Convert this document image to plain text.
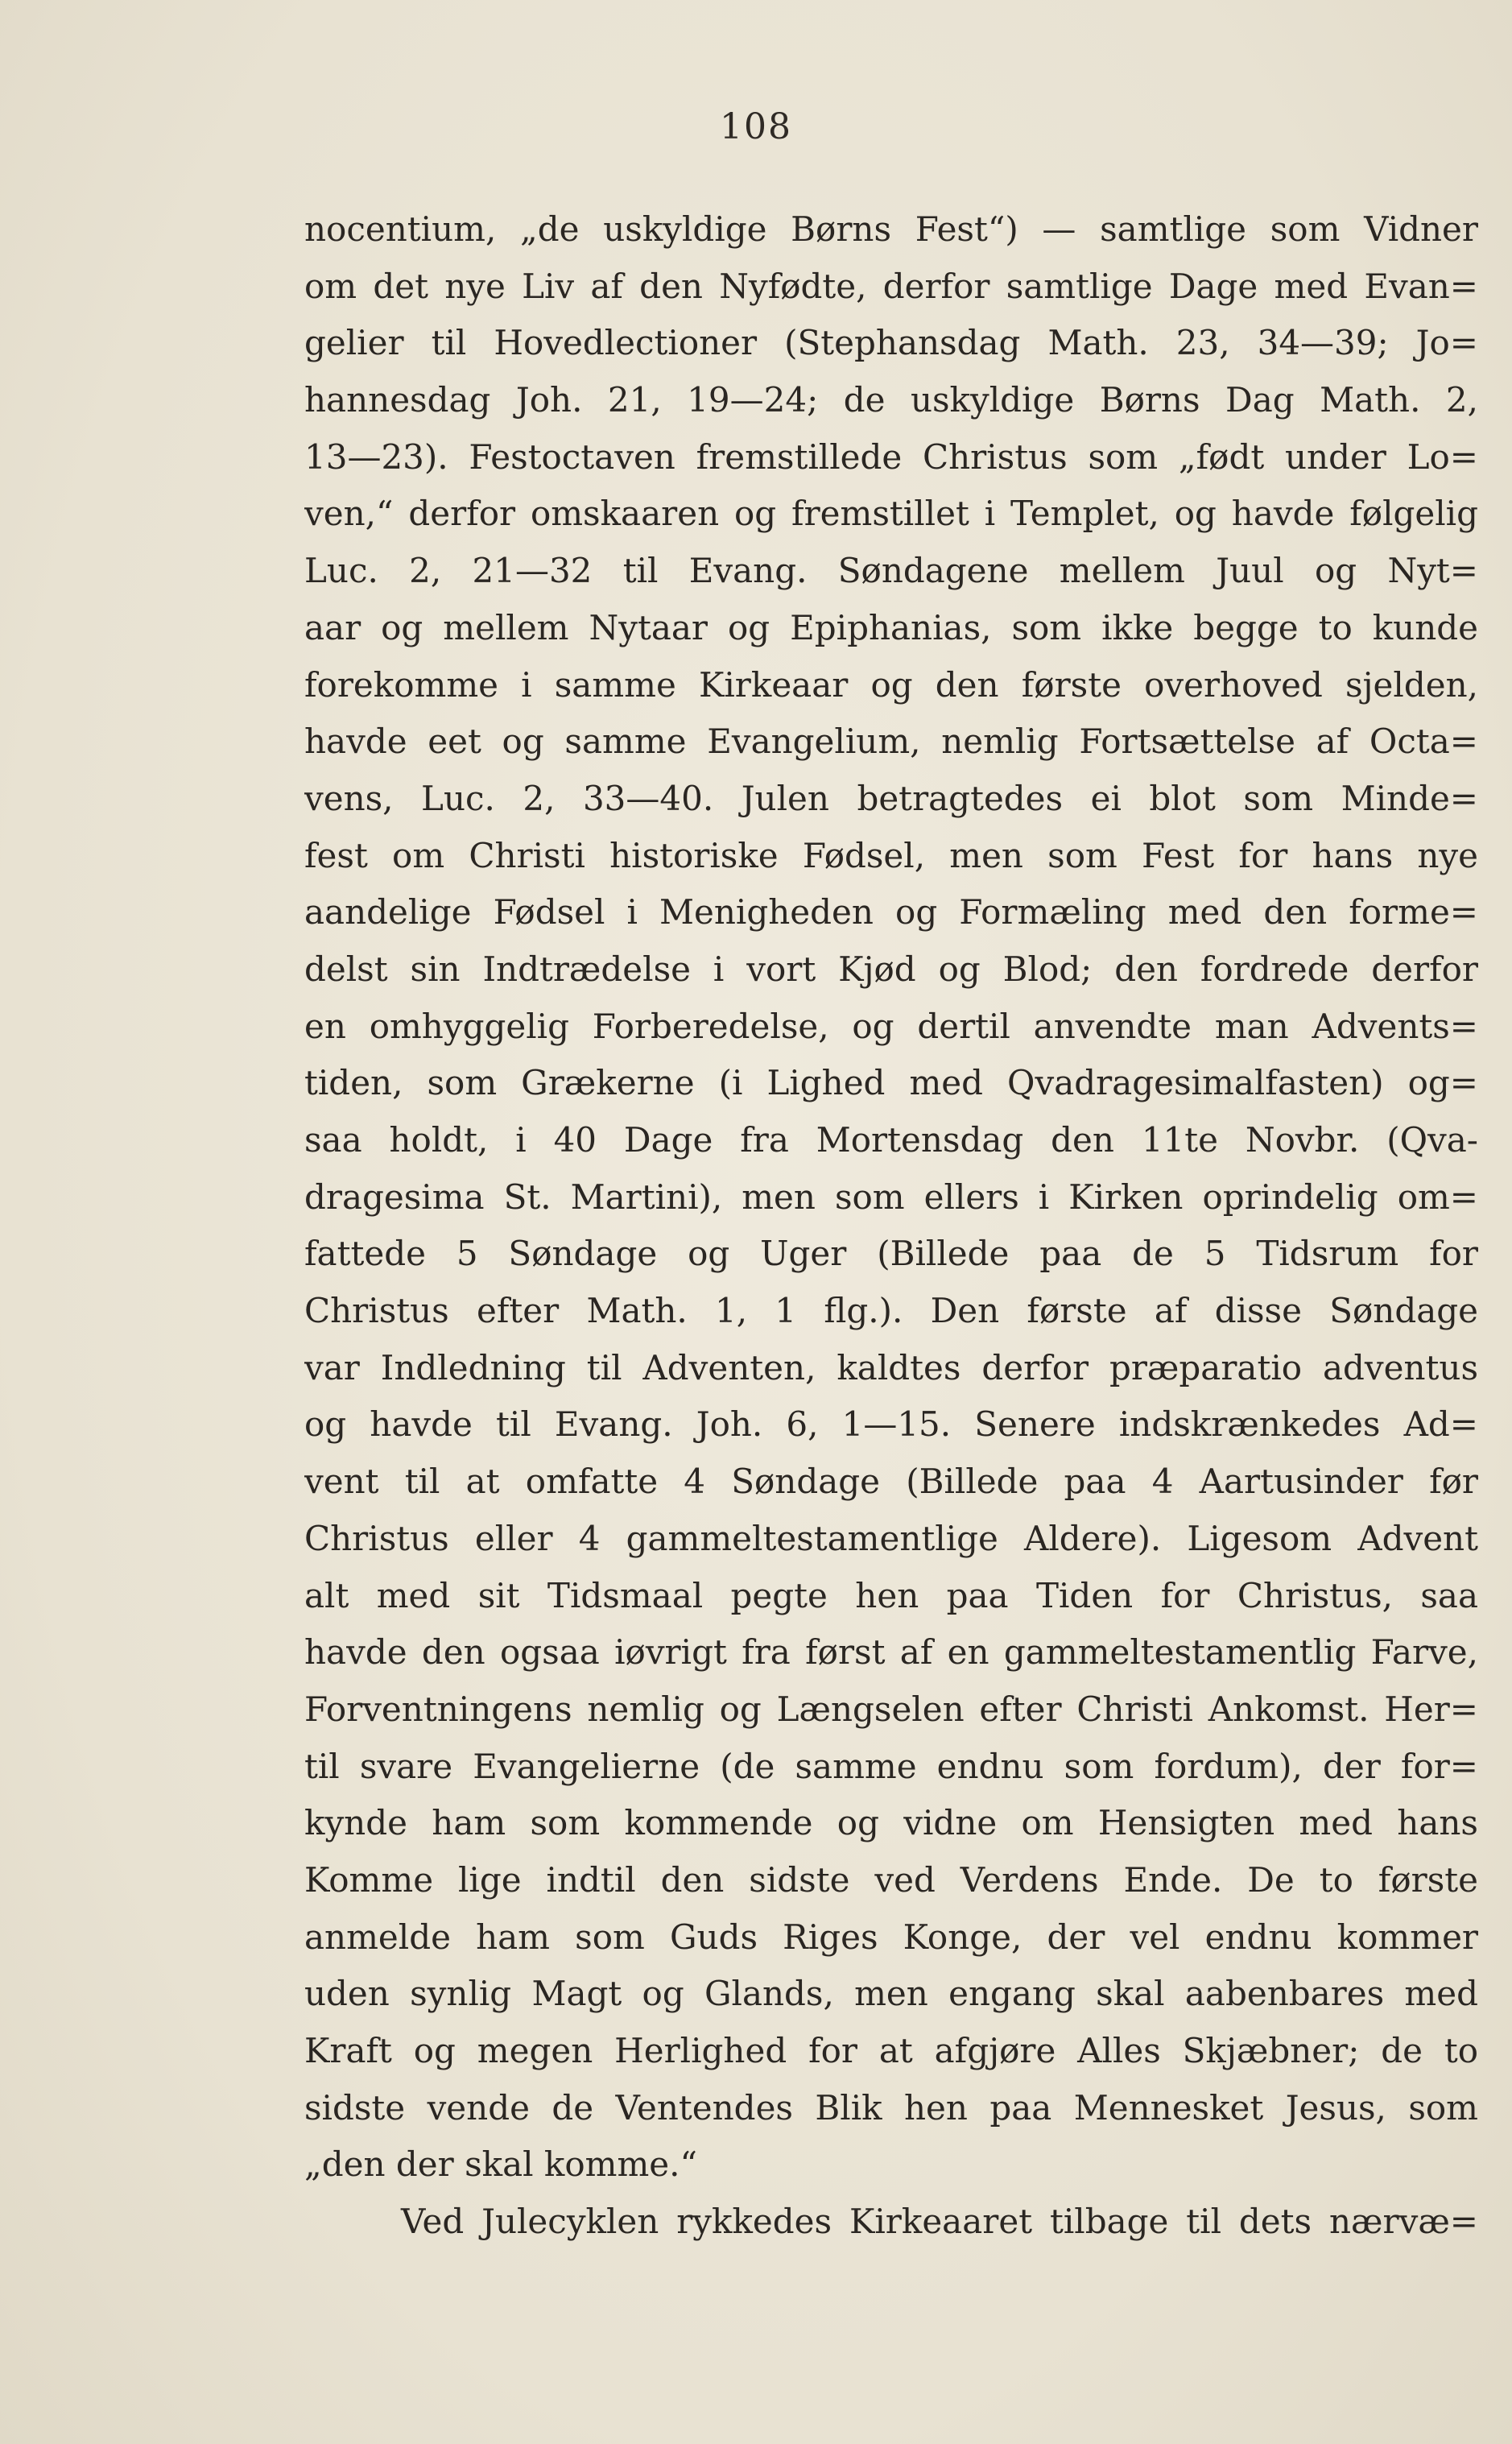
108
nocentium, „de uskyldige Børns Fest“) — samtlige som Vidner
om det nye Liv af den Nyfødte, derfor samtlige Dage med Evan=
gelier til Hovedlectioner (Stephansdag Math. 23, 34—39; Jo=
hannesdag Joh. 21, 19—24; de uskyldige Børns Dag Math. 2,
13—23). Festoctaven fremstillede Christus som „født under Lo=
ven,“ derfor omskaaren og fremstillet i Templet, og havde følgelig
Luc. 2, 21—32 til Evang. Søndagene mellem Juul og Nyt=
aar og mellem Nytaar og Epiphanias, som ikke begge to kunde
forekomme i samme Kirkeaar og den første overhoved sjelden,
havde eet og samme Evangelium, nemlig Fortsættelse af Octa=
vens, Luc. 2, 33—40. Julen betragtedes ei blot som Minde=
fest om Christi historiske Fødsel, men som Fest for hans nye
aandelige Fødsel i Menigheden og Formæling med den forme=
delst sin Indtrædelse i vort Kjød og Blod; den fordrede derfor
en omhyggelig Forberedelse, og dertil anvendte man Advents=
tiden, som Grækerne (i Lighed med Qvadragesimalfasten) og=
saa holdt, i 40 Dage fra Mortensdag den 11te Novbr. (Qva-
dragesima St. Martini), men som ellers i Kirken oprindelig om=
fattede 5 Søndage og Uger (Billede paa de 5 Tidsrum for
Christus efter Math. 1, 1 flg.). Den første af disse Søndage
var Indledning til Adventen, kaldtes derfor præparatio adventus
og havde til Evang. Joh. 6, 1—15. Senere indskrænkedes Ad=
vent til at omfatte 4 Søndage (Billede paa 4 Aartusinder før
Christus eller 4 gammeltestamentlige Aldere). Ligesom Advent
alt med sit Tidsmaal pegte hen paa Tiden for Christus, saa
havde den ogsaa iøvrigt fra først af en gammeltestamentlig Farve,
Forventningens nemlig og Længselen efter Christi Ankomst. Her=
til svare Evangelierne (de samme endnu som fordum), der for=
kynde ham som kommende og vidne om Hensigten med hans
Komme lige indtil den sidste ved Verdens Ende. De to første
anmelde ham som Guds Riges Konge, der vel endnu kommer
uden synlig Magt og Glands, men engang skal aabenbares med
Kraft og megen Herlighed for at afgjøre Alles Skjæbner; de to
sidste vende de Ventendes Blik hen paa Mennesket Jesus, som
„den der skal komme.“
Ved Julecyklen rykkedes Kirkeaaret tilbage til dets nærvæ=
